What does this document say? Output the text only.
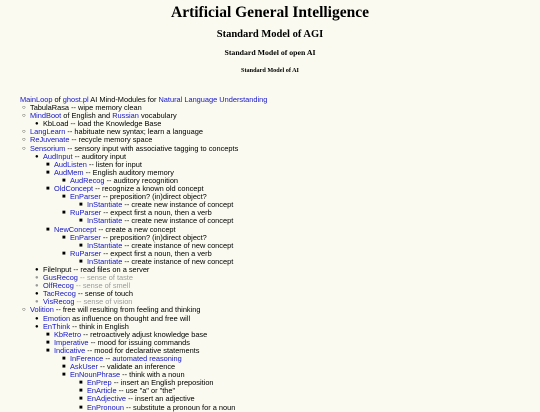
Artificial General Intelligence
Standard Model of AGI
Standard Model of open AI
Standard Model of AI
MainLoop of ghost.pl AI Mind-Modules for Natural Language Understanding
○ TabulaRasa -- wipe memory clean
○ MindBoot of English and Russian vocabulary
● KbLoad -- load the Knowledge Base
○ LangLearn -- habituate new syntax; learn a language
○ ReJuvenate -- recycle memory space
○ Sensorium -- sensory input with associative tagging to concepts
● AudInput -- auditory input
■ AudListen -- listen for input
■ AudMem -- English auditory memory
■ AudRecog -- auditory recognition
■ OldConcept -- recognize a known old concept
■ EnParser -- preposition? (in)direct object?
■ InStantiate -- create new instance of concept
■ RuParser -- expect first a noun, then a verb
■ InStantiate -- create new instance of concept
■ NewConcept -- create a new concept
■ EnParser -- preposition? (in)direct object?
■ InStantiate -- create instance of new concept
■ RuParser -- expect first a noun, then a verb
■ InStantiate -- create instance of new concept
● FileInput -- read files on a server
● GusRecog -- sense of taste
● OlfRecog -- sense of smell
● TacRecog -- sense of touch
● VisRecog -- sense of vision
○ Volition -- free will resulting from feeling and thinking
● Emotion as influence on thought and free will
● EnThink -- think in English
■ KbRetro -- retroactively adjust knowledge base
■ Imperative -- mood for issuing commands
■ Indicative -- mood for declarative statements
■ InFerence -- automated reasoning
■ AskUser -- validate an inference
■ EnNounPhrase -- think with a noun
■ EnPrep -- insert an English preposition
■ EnArticle -- use "a" or "the"
■ EnAdjective -- insert an adjective
■ EnPronoun -- substitute a pronoun for a noun
